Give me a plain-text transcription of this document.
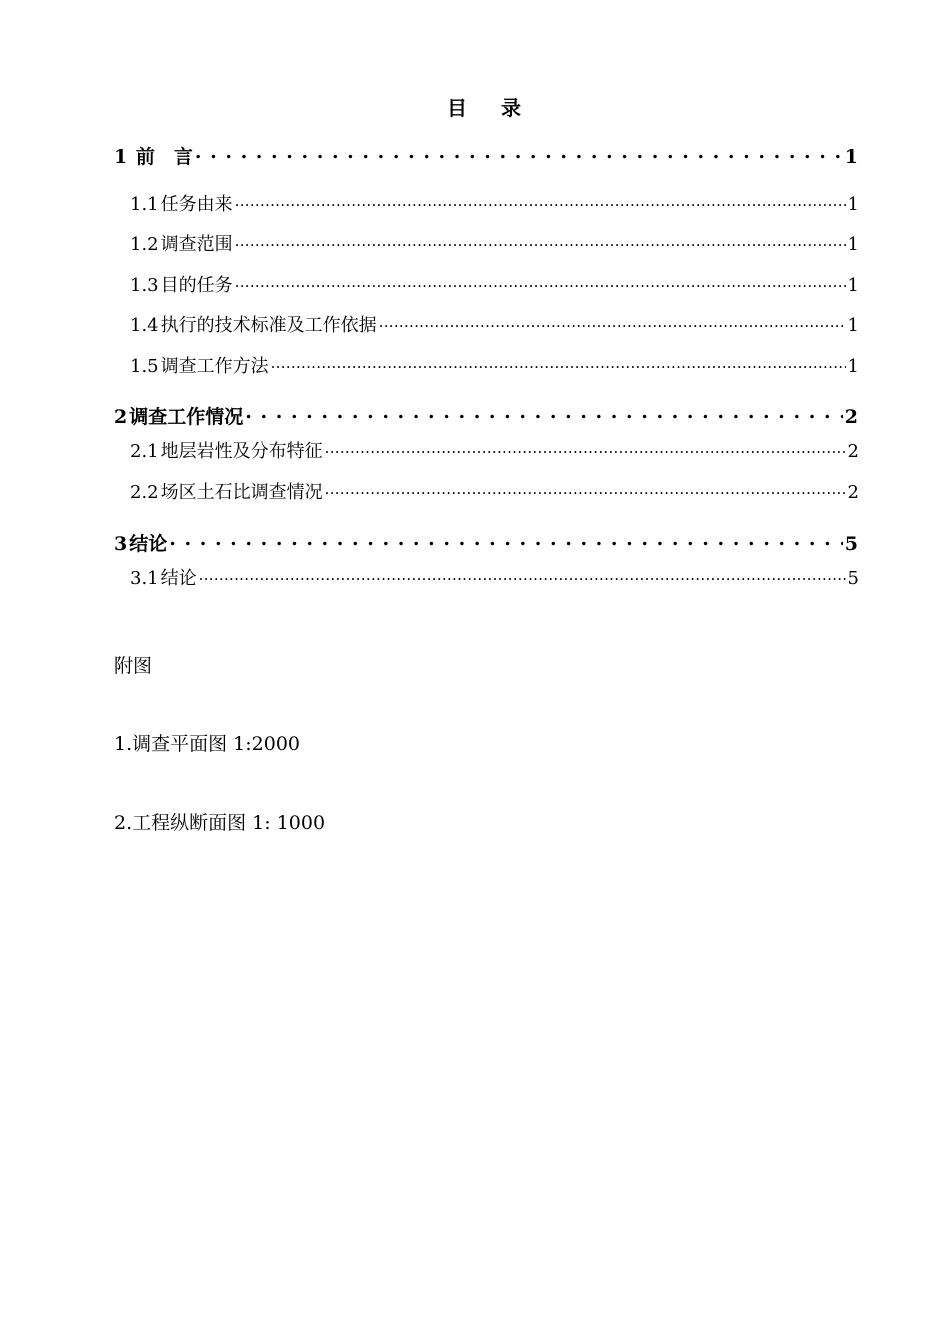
目 录
1 前　言 . . .	1
1.1 任务由来 .....	1
1.2 调查范围 .....	1
1.3 目的任务 .....	1
1.4 执行的技术标准及工作依据 .....	1
1.5 调查工作方法 .....	1
2 调查工作情况 . . .	2
2.1 地层岩性及分布特征 .....	2
2.2 场区土石比调查情况 .....	2
3 结论 . . .	5
3.1 结论 .....	5
附图
1.调查平面图 1:2000
2.工程纵断面图 1: 1000
